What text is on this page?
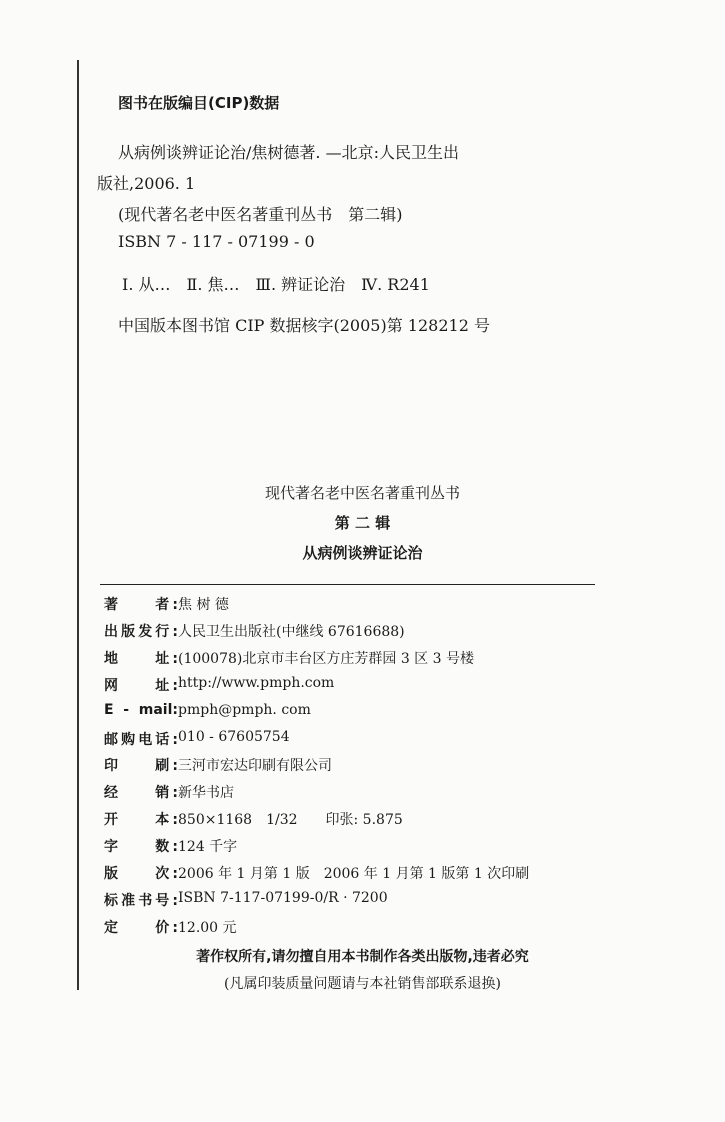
图书在版编目(CIP)数据
从病例谈辨证论治/焦树德著. —北京:人民卫生出
版社,2006. 1
(现代著名老中医名著重刊丛书　第二辑)
ISBN 7 - 117 - 07199 - 0
Ⅰ. 从…　Ⅱ. 焦…　Ⅲ. 辨证论治　Ⅳ. R241
中国版本图书馆 CIP 数据核字(2005)第 128212 号
现代著名老中医名著重刊丛书
第 二 辑
从病例谈辨证论治
著　　者: 焦 树 德
出版发行: 人民卫生出版社(中继线 67616688)
地　　址: (100078)北京市丰台区方庄芳群园 3 区 3 号楼
网　　址: http://www.pmph.com
E - mail: pmph@pmph. com
邮购电话: 010 - 67605754
印　　刷: 三河市宏达印刷有限公司
经　　销: 新华书店
开　　本: 850×1168　1/32　　印张: 5.875
字　　数: 124 千字
版　　次: 2006 年 1 月第 1 版　2006 年 1 月第 1 版第 1 次印刷
标准书号: ISBN 7-117-07199-0/R · 7200
定　　价: 12.00 元
著作权所有,请勿擅自用本书制作各类出版物,违者必究
(凡属印装质量问题请与本社销售部联系退换)
